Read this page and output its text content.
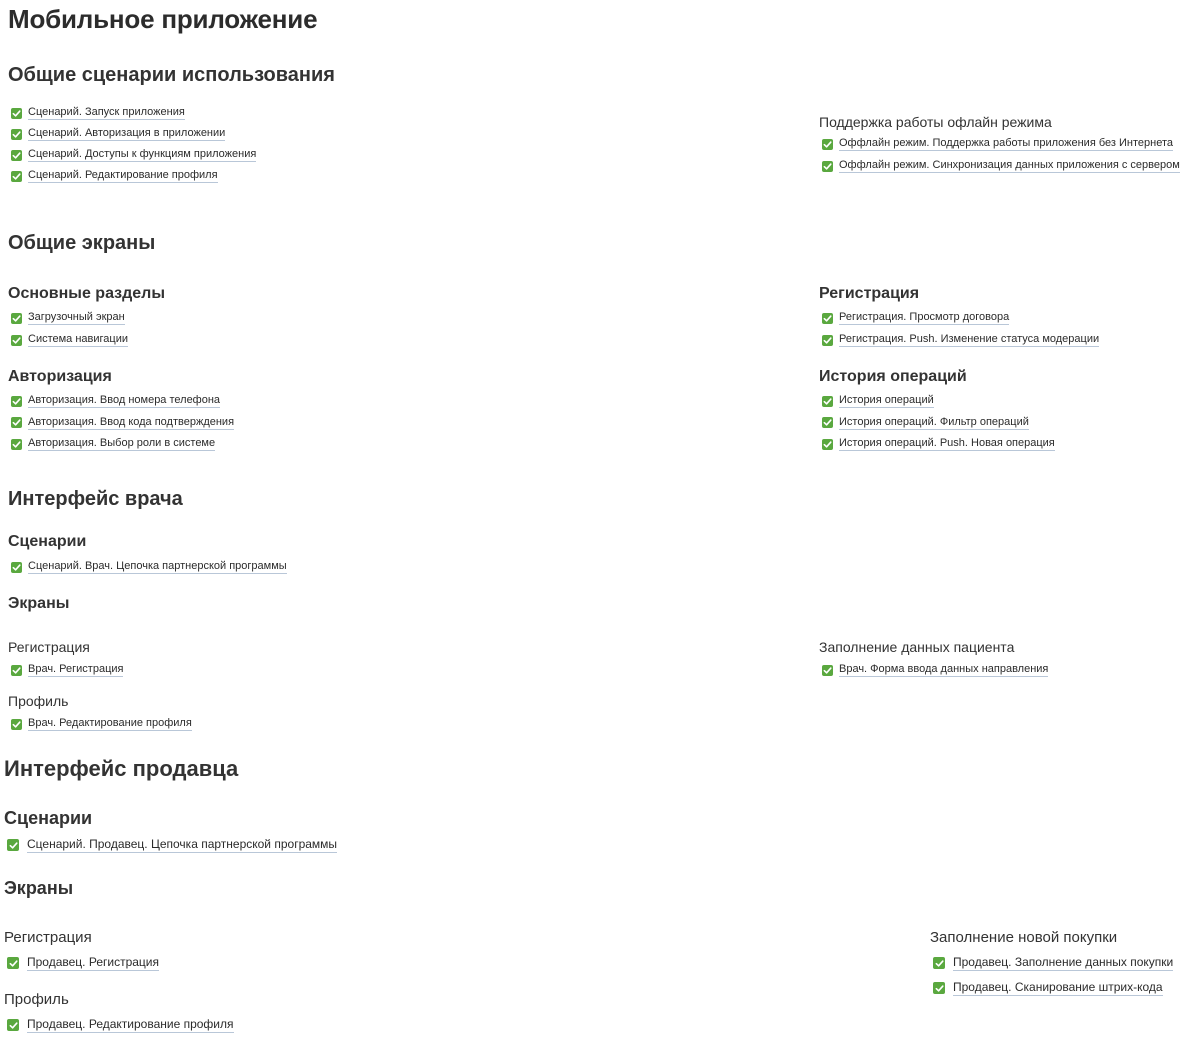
Мобильное приложение
Общие сценарии использования
Поддержка работы офлайн режима
Общие экраны
Основные разделы	Регистрация
Авторизация	История операций
Интерфейс врача
Сценарии
Экраны
Регистрация	Заполнение данных пациента
Профиль
Интерфейс продавца
Сценарии
Экраны
Регистрация	Заполнение новой покупки
Профиль
Сценарий. Запуск приложения
Сценарий. Авторизация в приложении
Сценарий. Доступы к функциям приложения
Сценарий. Редактирование профиля
Оффлайн режим. Поддержка работы приложения без Интернета
Оффлайн режим. Синхронизация данных приложения с сервером
Загрузочный экран
Система навигации
Регистрация. Просмотр договора
Регистрация. Push. Изменение статуса модерации
Авторизация. Ввод номера телефона
Авторизация. Ввод кода подтверждения
Авторизация. Выбор роли в системе
История операций
История операций. Фильтр операций
История операций. Push. Новая операция
Сценарий. Врач. Цепочка партнерской программы
Врач. Регистрация	Врач. Форма ввода данных направления
Врач. Редактирование профиля
Сценарий. Продавец. Цепочка партнерской программы
Продавец. Регистрация	Продавец. Заполнение данных покупки
Продавец. Сканирование штрих-кода
Продавец. Редактирование профиля
